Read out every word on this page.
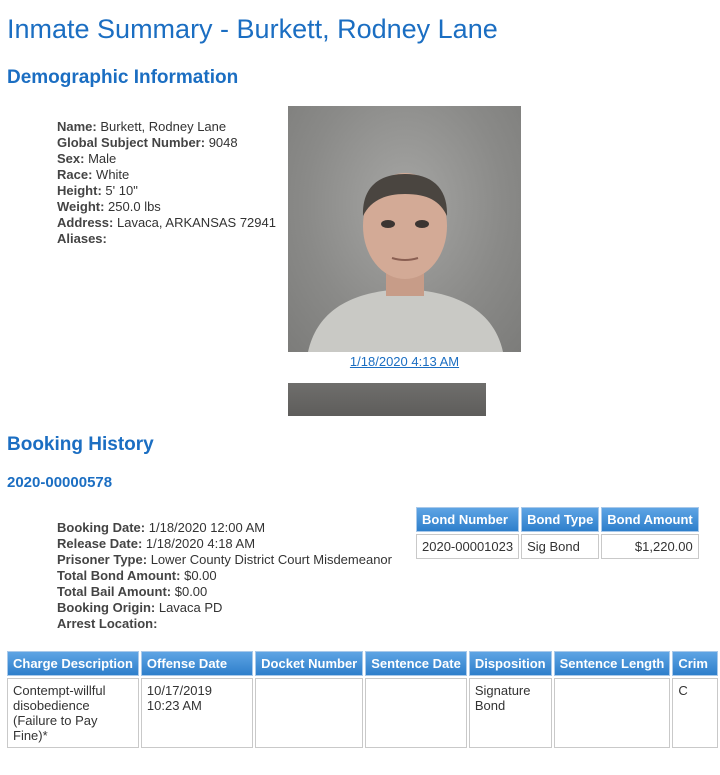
Inmate Summary - Burkett, Rodney Lane
Demographic Information
Name: Burkett, Rodney Lane
Global Subject Number: 9048
Sex: Male
Race: White
Height: 5' 10"
Weight: 250.0 lbs
Address: Lavaca, ARKANSAS 72941
Aliases:
1/18/2020 4:13 AM
Booking History
2020-00000578
Booking Date: 1/18/2020 12:00 AM
Release Date: 1/18/2020 4:18 AM
Prisoner Type: Lower County District Court Misdemeanor
Total Bond Amount: $0.00
Total Bail Amount: $0.00
Booking Origin: Lavaca PD
Arrest Location:
Bond Number	Bond Type	Bond Amount
2020-00001023	Sig Bond	$1,220.00
Charge Description	Offense Date	Docket Number	Sentence Date	Disposition	Sentence Length	Crim
Contempt-willful disobedience (Failure to Pay Fine)*	10/17/2019 10:23 AM			Signature Bond		C
